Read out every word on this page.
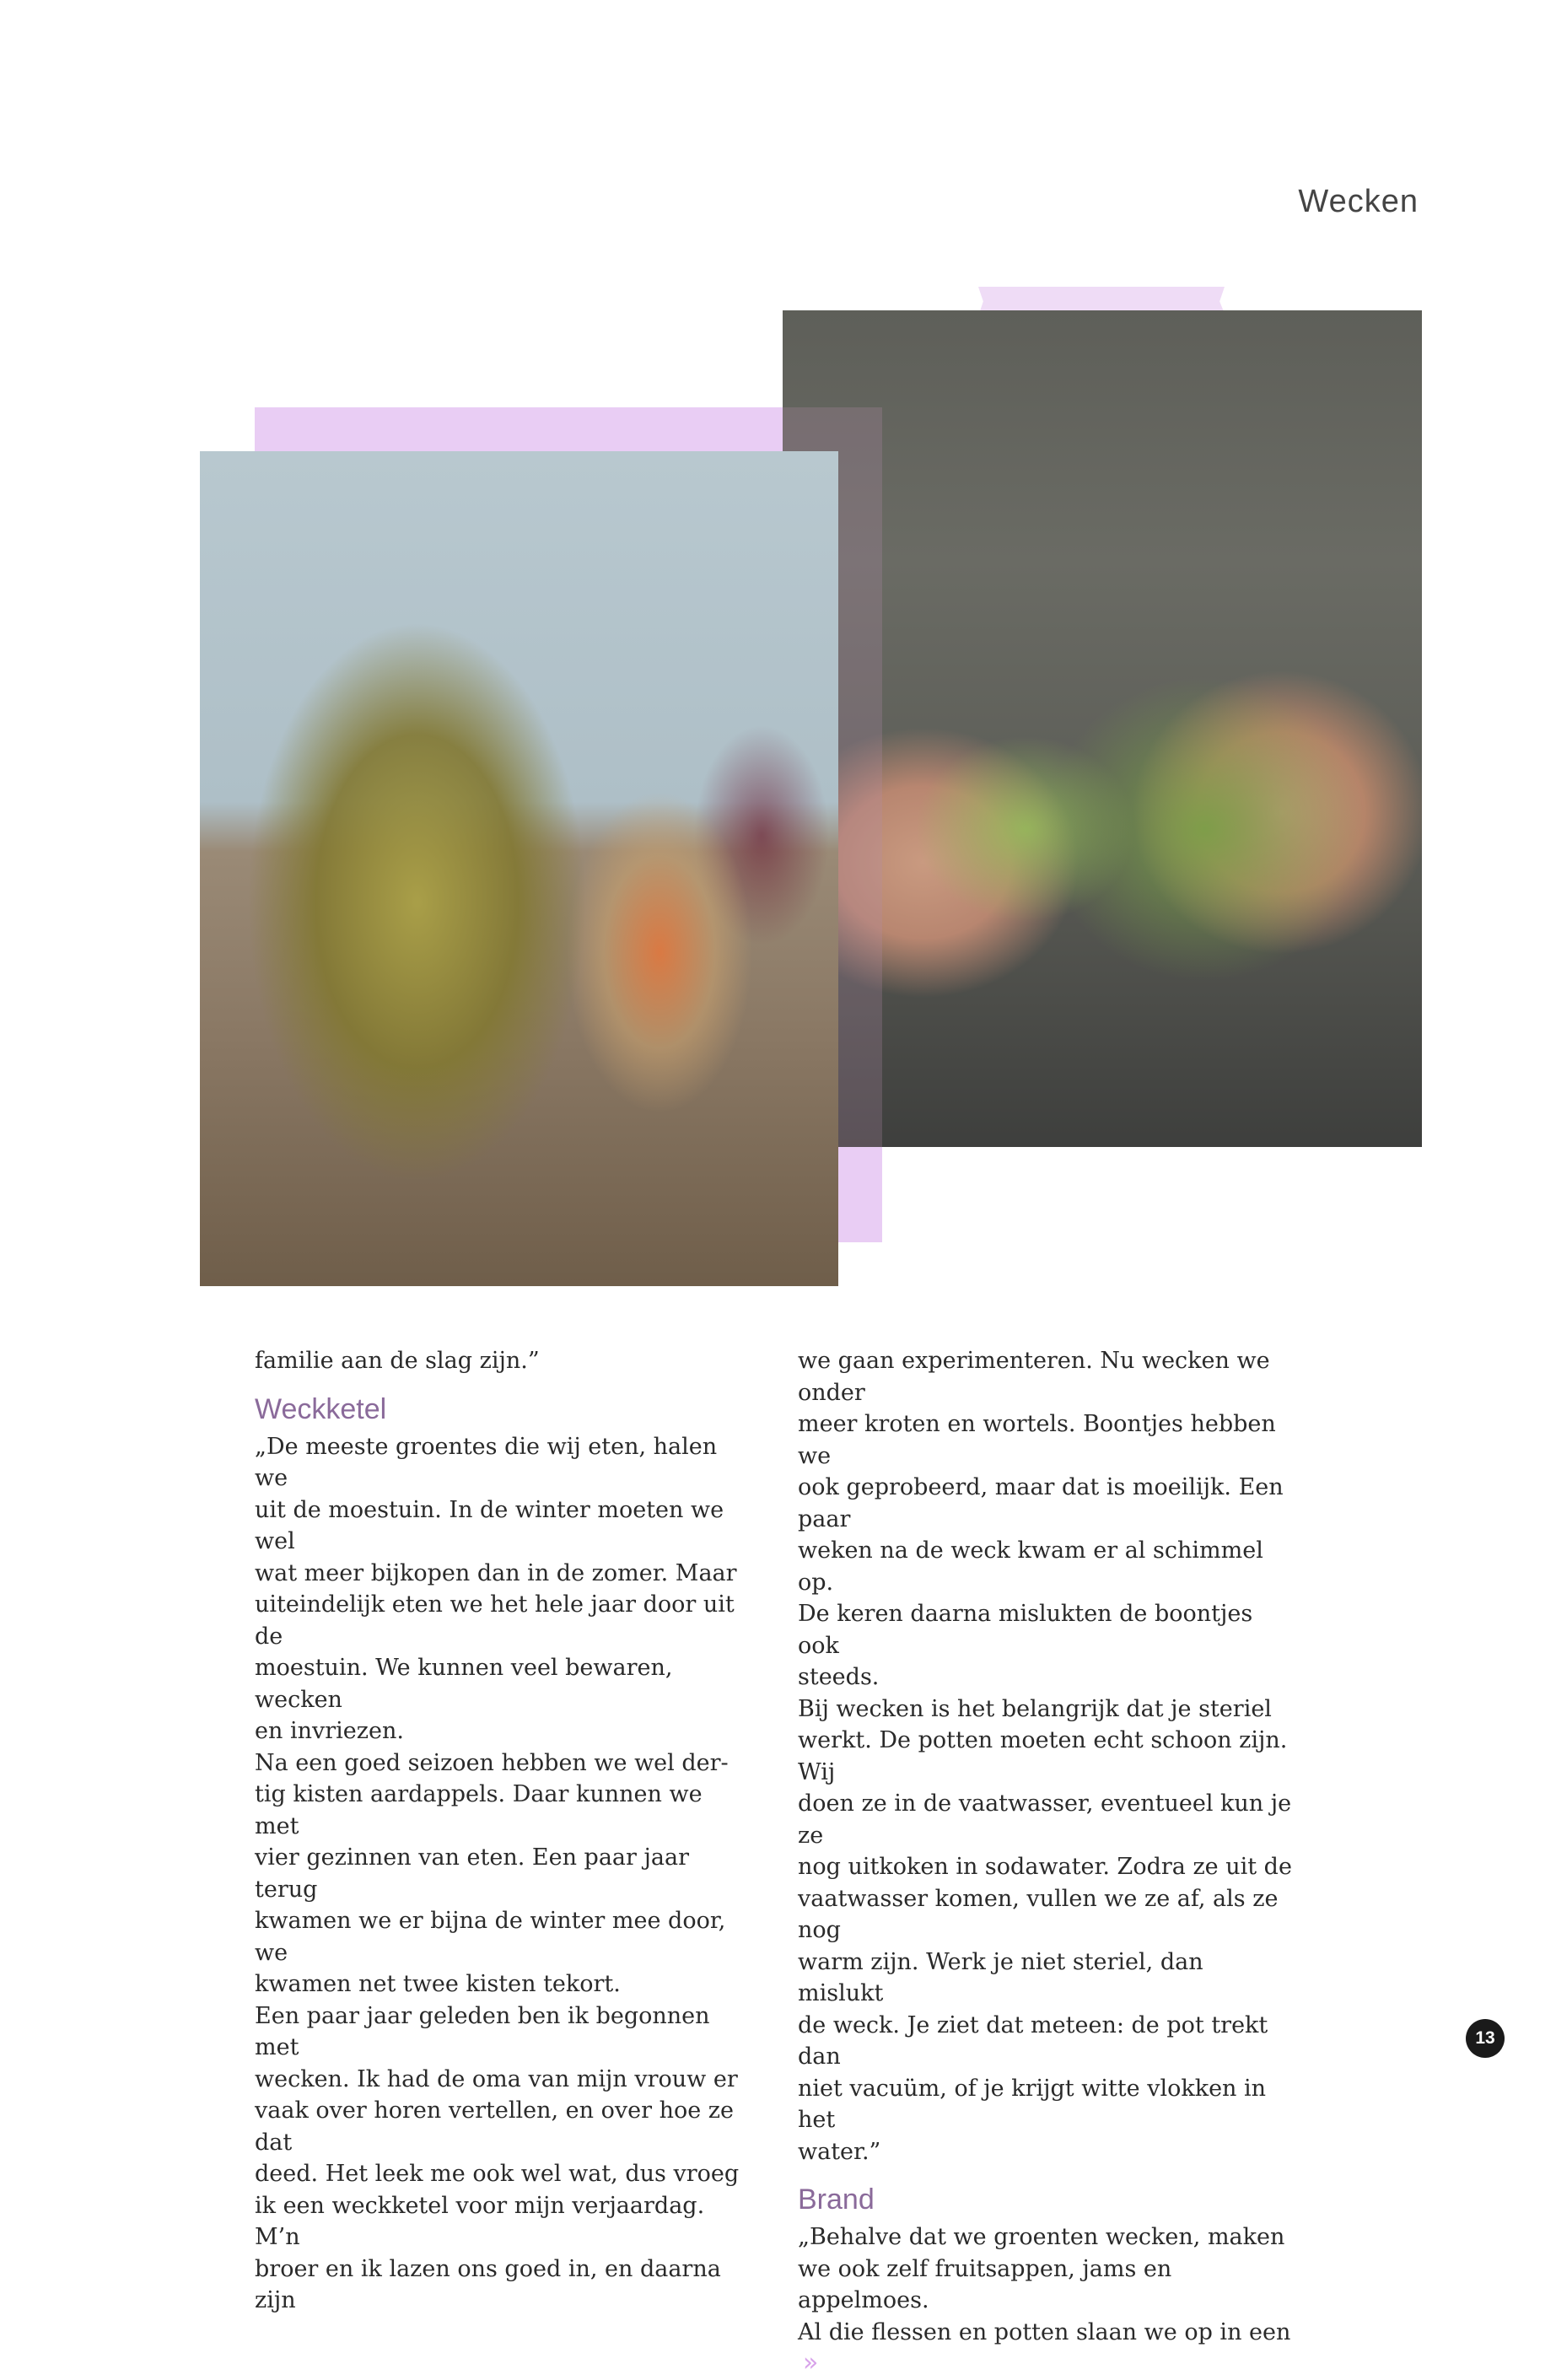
Wecken

familie aan de slag zijn.”

Weckketel

„De meeste groentes die wij eten, halen we
uit de moestuin. In de winter moeten we wel
wat meer bijkopen dan in de zomer. Maar
uiteindelijk eten we het hele jaar door uit de
moestuin. We kunnen veel bewaren, wecken
en invriezen.

Na een goed seizoen hebben we wel der-
tig kisten aardappels. Daar kunnen we met
vier gezinnen van eten. Een paar jaar terug
kwamen we er bijna de winter mee door, we
kwamen net twee kisten tekort.

Een paar jaar geleden ben ik begonnen met
wecken. Ik had de oma van mijn vrouw er
vaak over horen vertellen, en over hoe ze dat
deed. Het leek me ook wel wat, dus vroeg
ik een weckketel voor mijn verjaardag. M’n
broer en ik lazen ons goed in, en daarna zijn

we gaan experimenteren. Nu wecken we onder
meer kroten en wortels. Boontjes hebben we
ook geprobeerd, maar dat is moeilijk. Een paar
weken na de weck kwam er al schimmel op.
De keren daarna mislukten de boontjes ook
steeds.

Bij wecken is het belangrijk dat je steriel
werkt. De potten moeten echt schoon zijn. Wij
doen ze in de vaatwasser, eventueel kun je ze
nog uitkoken in sodawater. Zodra ze uit de
vaatwasser komen, vullen we ze af, als ze nog
warm zijn. Werk je niet steriel, dan mislukt
de weck. Je ziet dat meteen: de pot trekt dan
niet vacuüm, of je krijgt witte vlokken in het
water.”

Brand

„Behalve dat we groenten wecken, maken
we ook zelf fruitsappen, jams en appelmoes.
Al die flessen en potten slaan we op in een»

13
